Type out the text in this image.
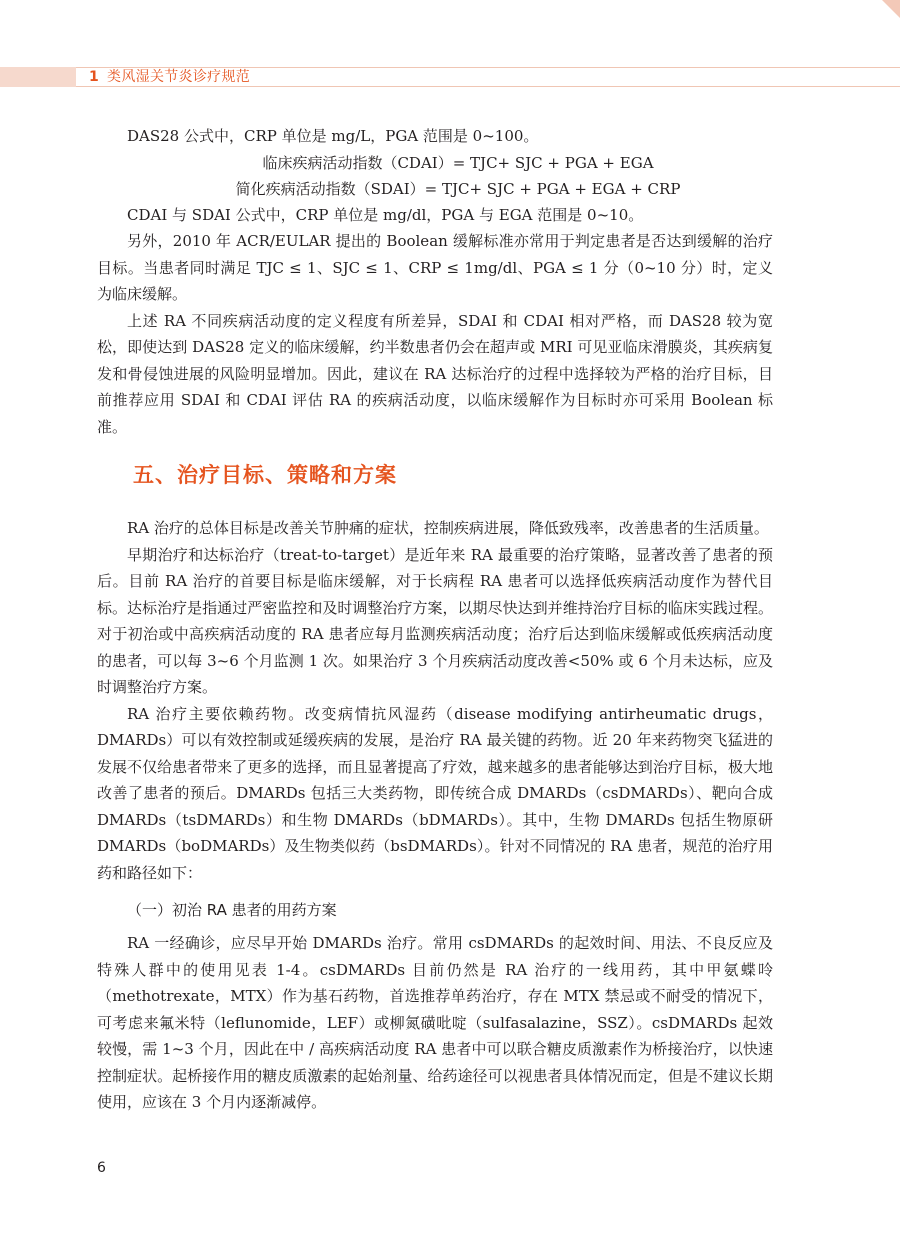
1 类风湿关节炎诊疗规范

DAS28 公式中，CRP 单位是 mg/L，PGA 范围是 0~100。

临床疾病活动指数（CDAI）= TJC+ SJC + PGA + EGA

简化疾病活动指数（SDAI）= TJC+ SJC + PGA + EGA + CRP

CDAI 与 SDAI 公式中，CRP 单位是 mg/dl，PGA 与 EGA 范围是 0~10。

另外，2010 年 ACR/EULAR 提出的 Boolean 缓解标准亦常用于判定患者是否达到缓解的治疗目标。当患者同时满足 TJC ≤ 1、SJC ≤ 1、CRP ≤ 1mg/dl、PGA ≤ 1 分（0~10 分）时，定义为临床缓解。

上述 RA 不同疾病活动度的定义程度有所差异，SDAI 和 CDAI 相对严格，而 DAS28 较为宽松，即使达到 DAS28 定义的临床缓解，约半数患者仍会在超声或 MRI 可见亚临床滑膜炎，其疾病复发和骨侵蚀进展的风险明显增加。因此，建议在 RA 达标治疗的过程中选择较为严格的治疗目标，目前推荐应用 SDAI 和 CDAI 评估 RA 的疾病活动度，以临床缓解作为目标时亦可采用 Boolean 标准。

五、治疗目标、策略和方案

RA 治疗的总体目标是改善关节肿痛的症状，控制疾病进展，降低致残率，改善患者的生活质量。

早期治疗和达标治疗（treat-to-target）是近年来 RA 最重要的治疗策略，显著改善了患者的预后。目前 RA 治疗的首要目标是临床缓解，对于长病程 RA 患者可以选择低疾病活动度作为替代目标。达标治疗是指通过严密监控和及时调整治疗方案，以期尽快达到并维持治疗目标的临床实践过程。对于初治或中高疾病活动度的 RA 患者应每月监测疾病活动度；治疗后达到临床缓解或低疾病活动度的患者，可以每 3~6 个月监测 1 次。如果治疗 3 个月疾病活动度改善<50% 或 6 个月未达标，应及时调整治疗方案。

RA 治疗主要依赖药物。改变病情抗风湿药（disease modifying antirheumatic drugs，DMARDs）可以有效控制或延缓疾病的发展，是治疗 RA 最关键的药物。近 20 年来药物突飞猛进的发展不仅给患者带来了更多的选择，而且显著提高了疗效，越来越多的患者能够达到治疗目标，极大地改善了患者的预后。DMARDs 包括三大类药物，即传统合成 DMARDs（csDMARDs）、靶向合成 DMARDs（tsDMARDs）和生物 DMARDs（bDMARDs）。其中，生物 DMARDs 包括生物原研 DMARDs（boDMARDs）及生物类似药（bsDMARDs）。针对不同情况的 RA 患者，规范的治疗用药和路径如下：

（一）初治 RA 患者的用药方案

RA 一经确诊，应尽早开始 DMARDs 治疗。常用 csDMARDs 的起效时间、用法、不良反应及特殊人群中的使用见表 1-4。csDMARDs 目前仍然是 RA 治疗的一线用药，其中甲氨蝶呤（methotrexate，MTX）作为基石药物，首选推荐单药治疗，存在 MTX 禁忌或不耐受的情况下，可考虑来氟米特（leflunomide，LEF）或柳氮磺吡啶（sulfasalazine，SSZ）。csDMARDs 起效较慢，需 1~3 个月，因此在中 / 高疾病活动度 RA 患者中可以联合糖皮质激素作为桥接治疗，以快速控制症状。起桥接作用的糖皮质激素的起始剂量、给药途径可以视患者具体情况而定，但是不建议长期使用，应该在 3 个月内逐渐减停。

6
